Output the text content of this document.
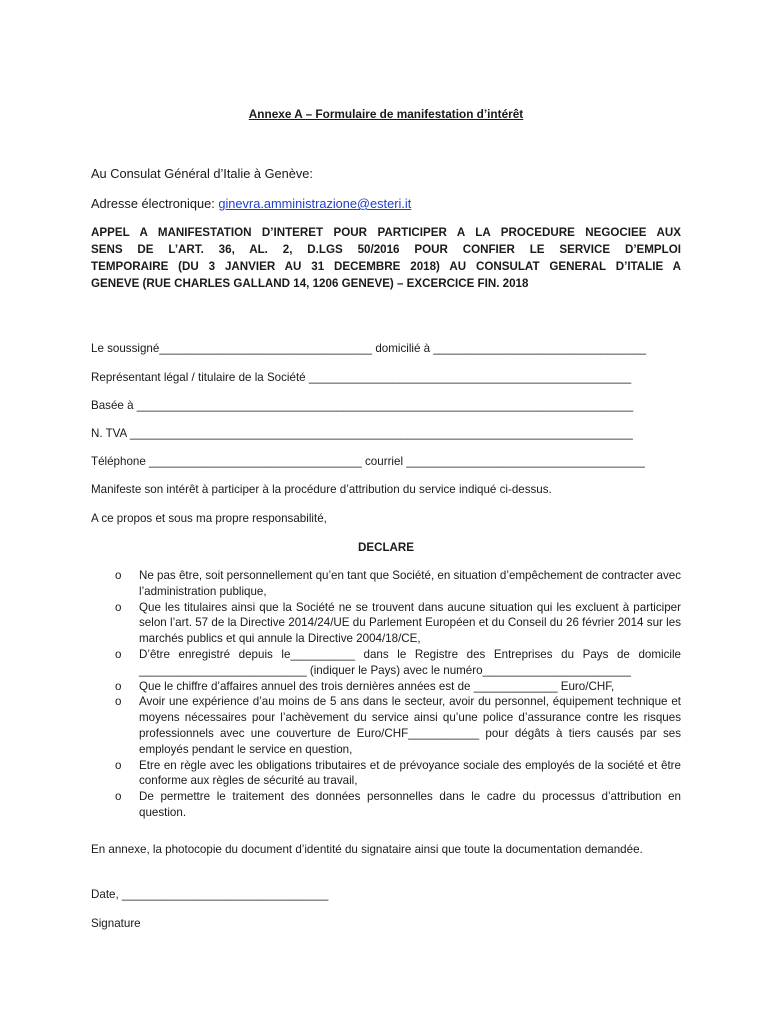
Annexe A – Formulaire de manifestation d’intérêt
Au Consulat Général d’Italie à Genève:
Adresse électronique: ginevra.amministrazione@esteri.it
APPEL A MANIFESTATION D’INTERET POUR PARTICIPER A LA PROCEDURE NEGOCIEE AUX
SENS DE L’ART. 36, AL. 2, D.LGS 50/2016 POUR CONFIER LE SERVICE D’EMPLOI
TEMPORAIRE (DU 3 JANVIER AU 31 DECEMBRE 2018) AU CONSULAT GENERAL D’ITALIE A
GENEVE (RUE CHARLES GALLAND 14, 1206 GENEVE) – EXCERCICE FIN. 2018
Le soussigné_________________________________ domicilié à _________________________________
Représentant légal / titulaire de la Société __________________________________________________
Basée à _____________________________________________________________________________
N. TVA ______________________________________________________________________________
Téléphone _________________________________ courriel _____________________________________
Manifeste son intérêt à participer à la procédure d’attribution du service indiqué ci-dessus.
A ce propos et sous ma propre responsabilité,
DECLARE
o Ne pas être, soit personnellement qu’en tant que Société, en situation d’empêchement de contracter avec l’administration publique,
o Que les titulaires ainsi que la Société ne se trouvent dans aucune situation qui les excluent à participer selon l’art. 57 de la Directive 2014/24/UE du Parlement Européen et du Conseil du 26 février 2014 sur les marchés publics et qui annule la Directive 2004/18/CE,
o D’être enregistré depuis le__________ dans le Registre des Entreprises du Pays de domicile __________________________ (indiquer le Pays) avec le numéro_______________________
o Que le chiffre d’affaires annuel des trois dernières années est de _____________ Euro/CHF,
o Avoir une expérience d’au moins de 5 ans dans le secteur, avoir du personnel, équipement technique et moyens nécessaires pour l’achèvement du service ainsi qu’une police d’assurance contre les risques professionnels avec une couverture de Euro/CHF___________ pour dégâts à tiers causés par ses employés pendant le service en question,
o Etre en règle avec les obligations tributaires et de prévoyance sociale des employés de la société et être conforme aux règles de sécurité au travail,
o De permettre le traitement des données personnelles dans le cadre du processus d’attribution en question.
En annexe, la photocopie du document d’identité du signataire ainsi que toute la documentation demandée.
Date, ________________________________
Signature
